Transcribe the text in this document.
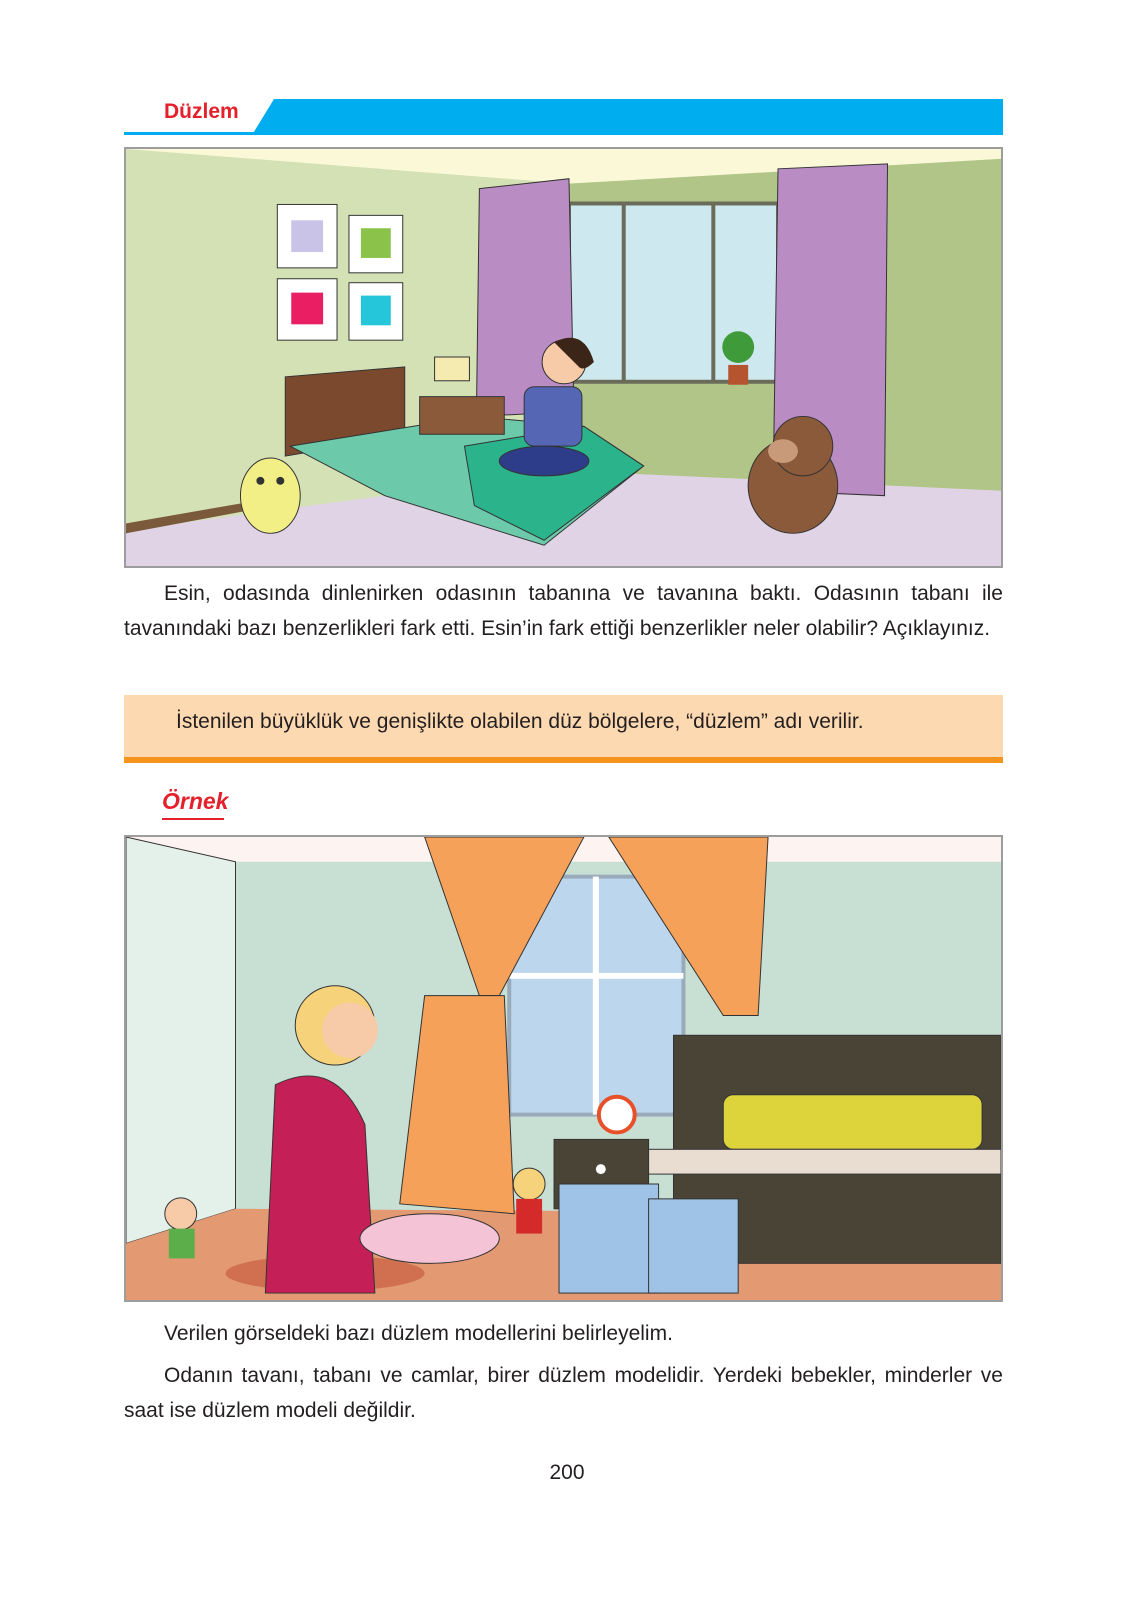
Düzlem
Esin, odasında dinlenirken odasının tabanına ve tavanına baktı. Odasının tabanı ile tavanındaki bazı benzerlikleri fark etti. Esin’in fark ettiği benzerlikler neler olabilir? Açıklayınız.
İstenilen büyüklük ve genişlikte olabilen düz bölgelere, “düzlem” adı verilir.
Örnek
Verilen görseldeki bazı düzlem modellerini belirleyelim.
Odanın tavanı, tabanı ve camlar, birer düzlem modelidir. Yerdeki bebekler, minderler ve saat ise düzlem modeli değildir.
200
